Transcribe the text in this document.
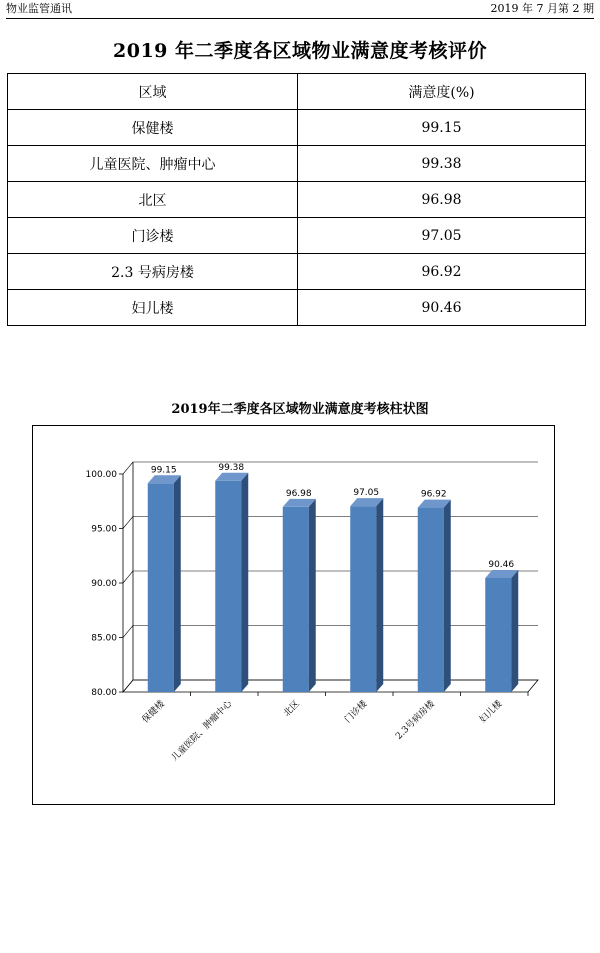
物业监管通讯	2019 年 7 月第 2 期
2019 年二季度各区域物业满意度考核评价
区域	满意度(%)
保健楼	99.15
儿童医院、肿瘤中心	99.38
北区	96.98
门诊楼	97.05
2.3 号病房楼	96.92
妇儿楼	90.46
2019年二季度各区域物业满意度考核柱状图
80.00
85.00
90.00
95.00
100.00	99.15
保健楼
99.38
儿童医院、肿瘤中心
96.98
北区
97.05
门诊楼
96.92
2.3号病房楼
90.46
妇儿楼
